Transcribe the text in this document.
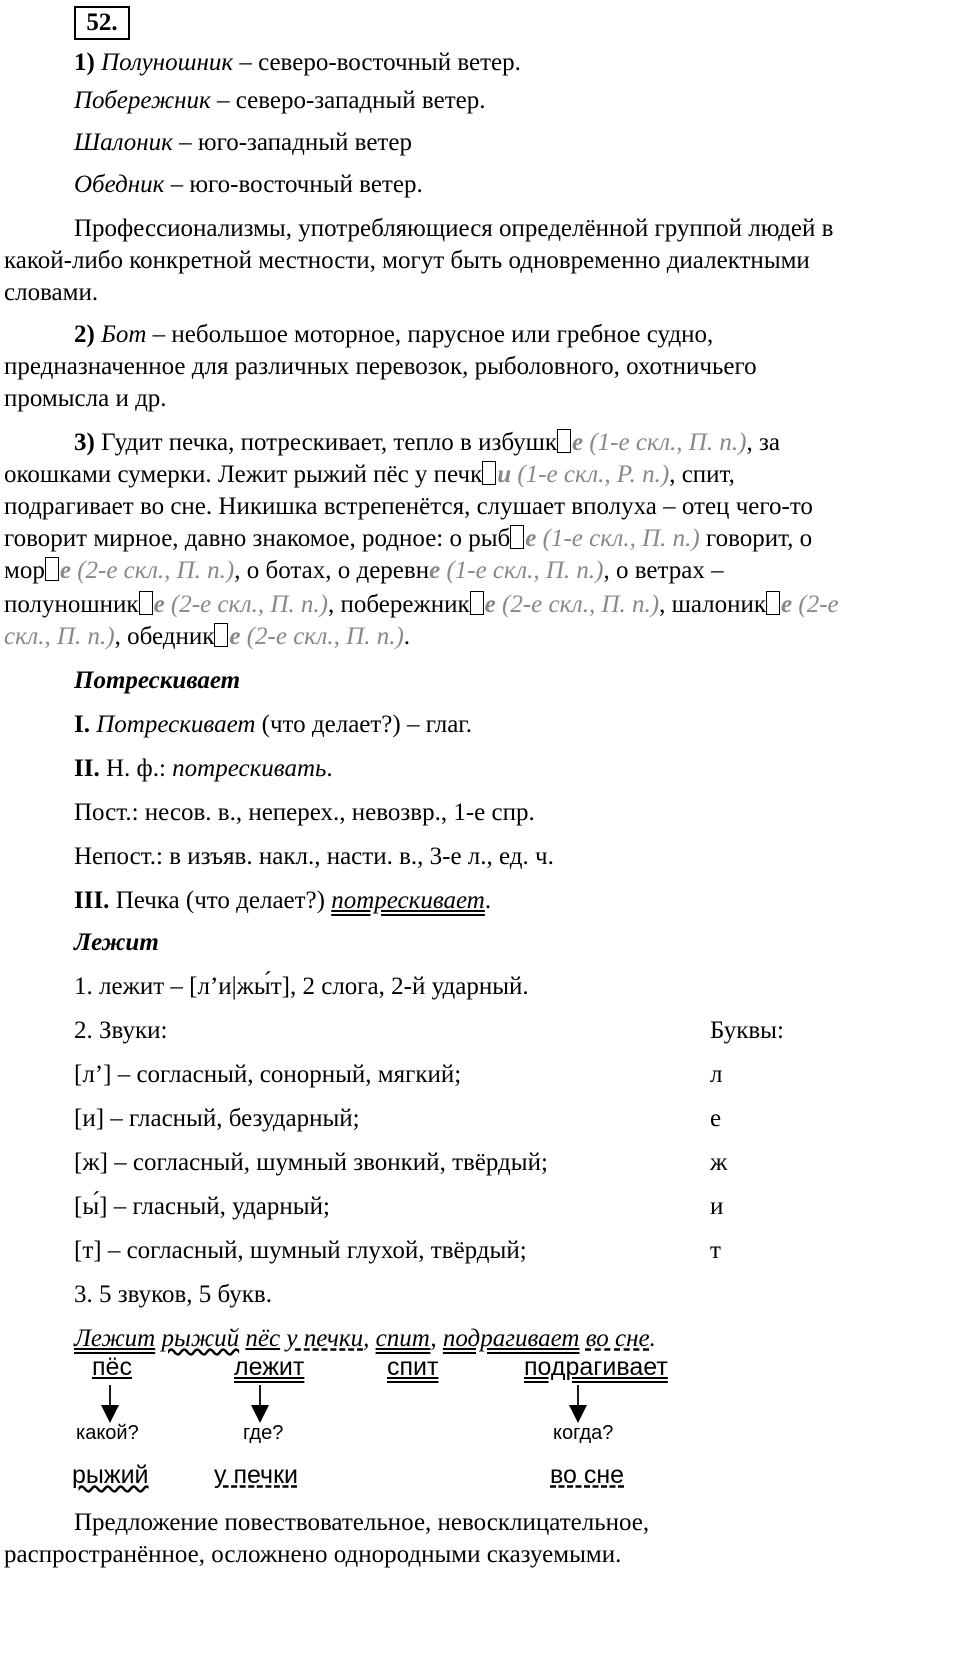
52.
1) Полуношник – северо-восточный ветер.
Побережник – северо-западный ветер.
Шалоник – юго-западный ветер
Обедник – юго-восточный ветер.
Профессионализмы, употребляющиеся определённой группой людей в
какой-либо конкретной местности, могут быть одновременно диалектными
словами.
2) Бот – небольшое моторное, парусное или гребное судно,
предназначенное для различных перевозок, рыболовного, охотничьего
промысла и др.
3) Гудит печка, потрескивает, тепло в избушк е (1-е скл., П. п.), за
окошками сумерки. Лежит рыжий пёс у печк и (1-е скл., Р. п.), спит,
подрагивает во сне. Никишка встрепенётся, слушает вполуха – отец чего-то
говорит мирное, давно знакомое, родное: о рыб е (1-е скл., П. п.) говорит, о
мор е (2-е скл., П. п.), о ботах, о деревне (1-е скл., П. п.), о ветрах –
полуношник е (2-е скл., П. п.), побережник е (2-е скл., П. п.), шалоник е (2-е
скл., П. п.), обедник е (2-е скл., П. п.).
Потрескивает
I. Потрескивает (что делает?) – глаг.
II. Н. ф.: потрескивать.
Пост.: несов. в., неперех., невозвр., 1-е спр.
Непост.: в изъяв. накл., насти. в., 3-е л., ед. ч.
III. Печка (что делает?) потрескивает.
Лежит
1. лежит – [л’и|жы́т], 2 слога, 2-й ударный.
2. Звуки:	Буквы:
[л’] – согласный, сонорный, мягкий;	л
[и] – гласный, безударный;	е
[ж] – согласный, шумный звонкий, твёрдый;	ж
[ы́] – гласный, ударный;	и
[т] – согласный, шумный глухой, твёрдый;	т
3. 5 звуков, 5 букв.
Лежит рыжий пёс у печки, спит, подрагивает во сне.
пёс	лежит	спит	подрагивает
какой?	где?	когда?
рыжий	у печки	во сне
Предложение повествовательное, невосклицательное,
распространённое, осложнено однородными сказуемыми.
